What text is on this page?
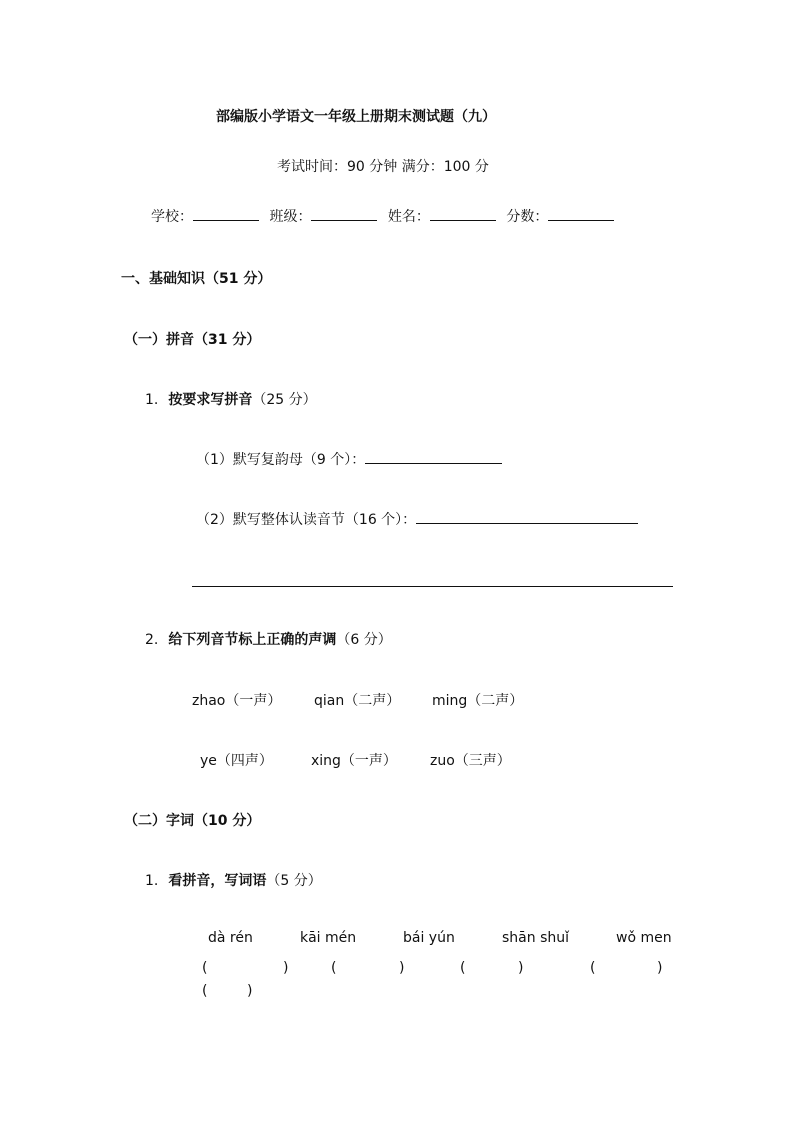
部编版小学语文一年级上册期末测试题（九）
考试时间：90 分钟 满分：100 分
学校：	班级：	姓名：	分数：
一、基础知识（51 分）
（一）拼音（31 分）
1. 按要求写拼音（25 分）
（1）默写复韵母（9 个）：
（2）默写整体认读音节（16 个）：
2. 给下列音节标上正确的声调（6 分）
zhao（一声） qian（二声） ming（二声）
ye（四声）	xing（一声） zuo（三声）
（二）字词（10 分）
1. 看拼音，写词语（5 分）
dà rén	kāi mén	bái yún	shān shuǐ	wǒ men
(	)	(	)	(	)	(	)
(	)
